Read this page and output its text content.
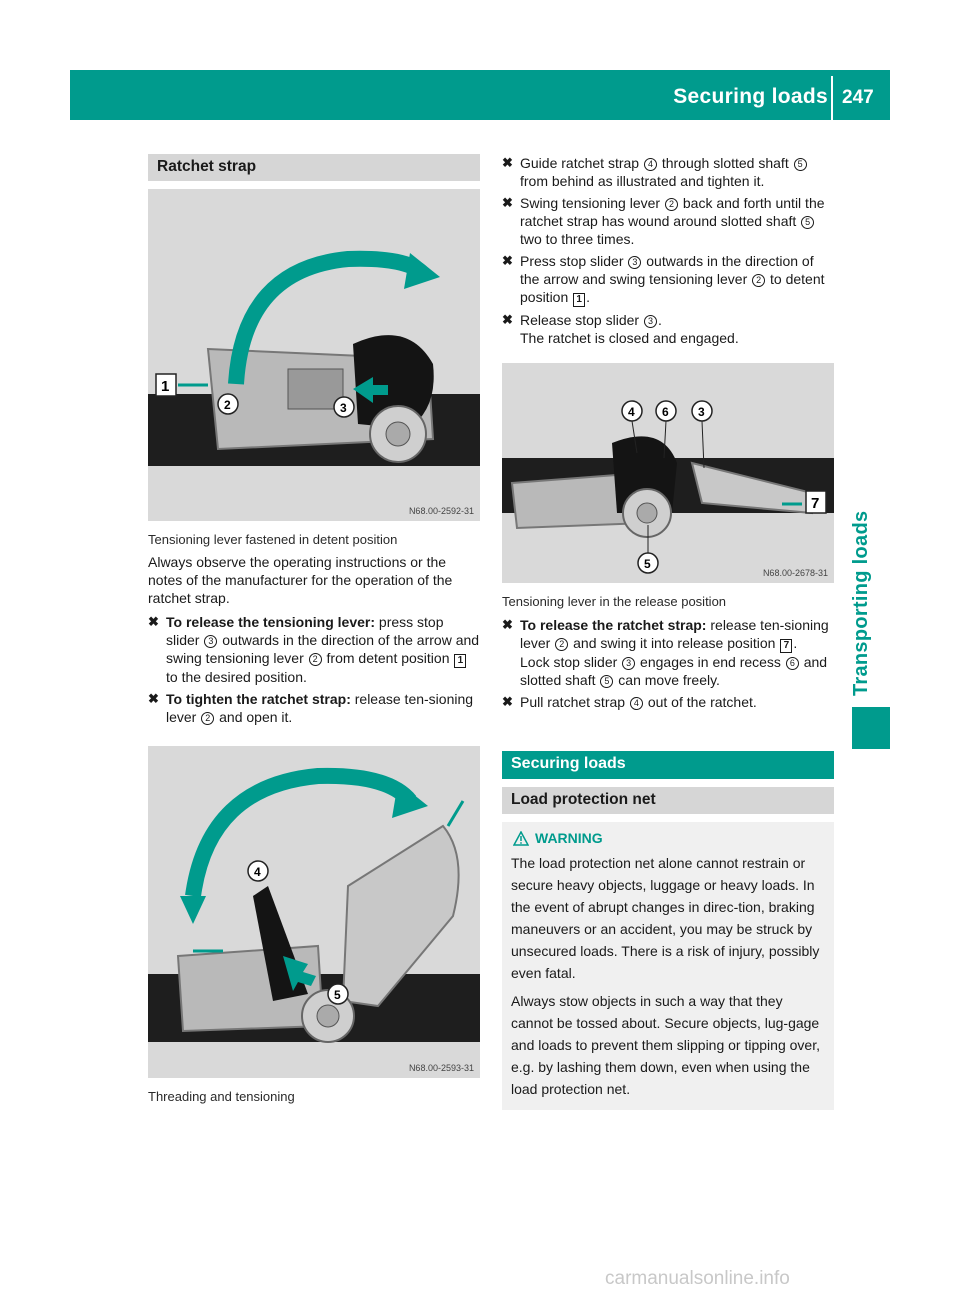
Securing loads 247
Transporting loads
Ratchet strap
1
2	3
N68.00-2592-31
Tensioning lever fastened in detent position

Always observe the operating instructions or the notes of the manufacturer for the operation of the ratchet strap.

✖ To release the tensioning lever: press stop slider 3 outwards in the direction of the arrow and swing tensioning lever 2 from detent position 1 to the desired position.
✖ To tighten the ratchet strap: release ten-sioning lever 2 and open it.
4
5
N68.00-2593-31
Threading and tensioning
✖ Guide ratchet strap 4 through slotted shaft 5 from behind as illustrated and tighten it.
✖ Swing tensioning lever 2 back and forth until the ratchet strap has wound around slotted shaft 5 two to three times.
✖ Press stop slider 3 outwards in the direction of the arrow and swing tensioning lever 2 to detent position 1 .
✖ Release stop slider 3 .
The ratchet is closed and engaged.
7
4 6 3
5
N68.00-2678-31
Tensioning lever in the release position
✖ To release the ratchet strap: release ten-sioning lever 2 and swing it into release position 7 .
Lock stop slider 3 engages in end recess 6 and slotted shaft 5 can move freely.
✖ Pull ratchet strap 4 out of the ratchet.
Securing loads
Load protection net
WARNING

The load protection net alone cannot restrain or secure heavy objects, luggage or heavy loads. In the event of abrupt changes in direc-tion, braking maneuvers or an accident, you may be struck by unsecured loads. There is a risk of injury, possibly even fatal.

Always stow objects in such a way that they cannot be tossed about. Secure objects, lug-gage and loads to prevent them slipping or tipping over, e.g. by lashing them down, even when using the load protection net.

carmanualsonline.info
